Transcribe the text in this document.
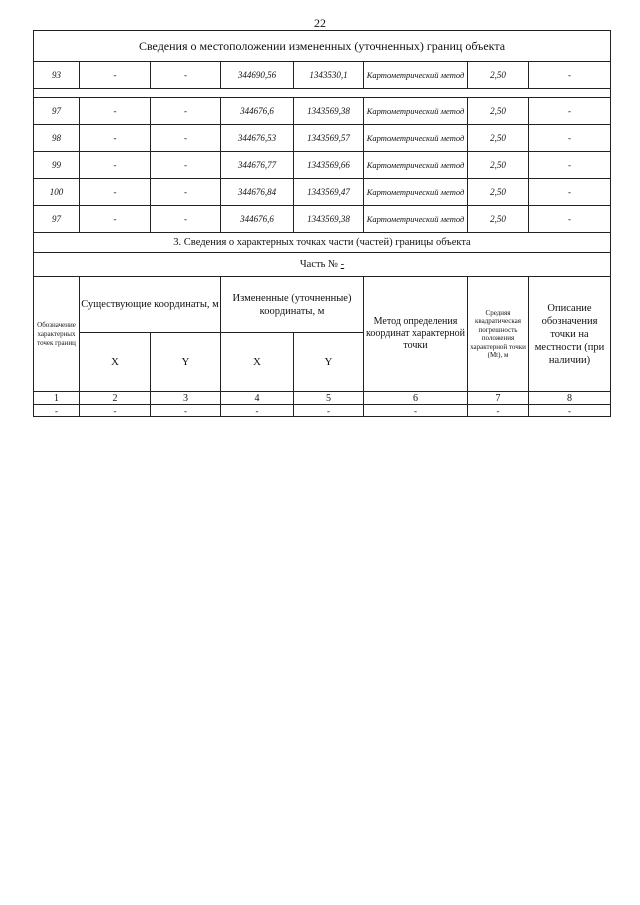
22
Сведения о местоположении измененных (уточненных) границ объекта							
93	-	-	344690,56	1343530,1	Картометрический метод	2,50	-

97	-	-	344676,6	1343569,38	Картометрический метод	2,50	-
98	-	-	344676,53	1343569,57	Картометрический метод	2,50	-
99	-	-	344676,77	1343569,66	Картометрический метод	2,50	-
100	-	-	344676,84	1343569,47	Картометрический метод	2,50	-
97	-	-	344676,6	1343569,38	Картометрический метод	2,50	-
3. Сведения о характерных точках части (частей) границы объекта							
Часть № -							
Обозначение характерных точек границ	Существующие координаты, м		Измененные (уточненные) координаты, м		Метод определения координат характерной точки	Средняя квадратическая погрешность положения характерной точки (Mt), м	Описание обозначения точки на местности (при наличии)
	X	Y	X	Y			
1	2	3	4	5	6	7	8
-	-	-	-	-	-	-	-
